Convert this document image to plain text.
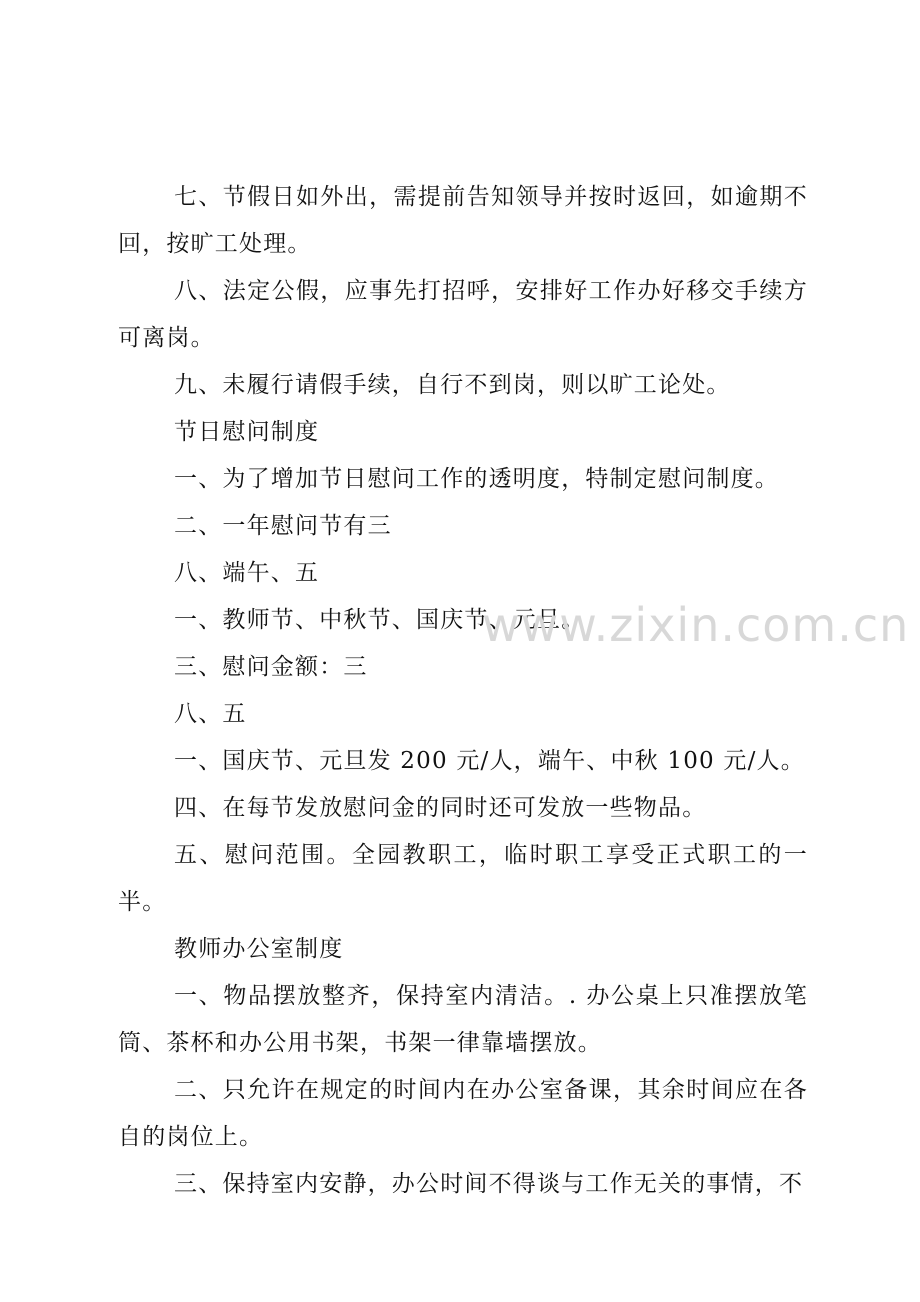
七、节假日如外出，需提前告知领导并按时返回，如逾期不回，按旷工处理。

八、法定公假，应事先打招呼，安排好工作办好移交手续方可离岗。

九、未履行请假手续，自行不到岗，则以旷工论处。

节日慰问制度

一、为了增加节日慰问工作的透明度，特制定慰问制度。

二、一年慰问节有三

八、端午、五

一、教师节、中秋节、国庆节、元旦。

三、慰问金额：三

八、五

一、国庆节、元旦发 200 元/人，端午、中秋 100 元/人。

四、在每节发放慰问金的同时还可发放一些物品。

五、慰问范围。全园教职工，临时职工享受正式职工的一半。

教师办公室制度

一、物品摆放整齐，保持室内清洁。. 办公桌上只准摆放笔筒、茶杯和办公用书架，书架一律靠墙摆放。

二、只允许在规定的时间内在办公室备课，其余时间应在各自的岗位上。

三、保持室内安静，办公时间不得谈与工作无关的事情，不

www.zixin.com.cn
